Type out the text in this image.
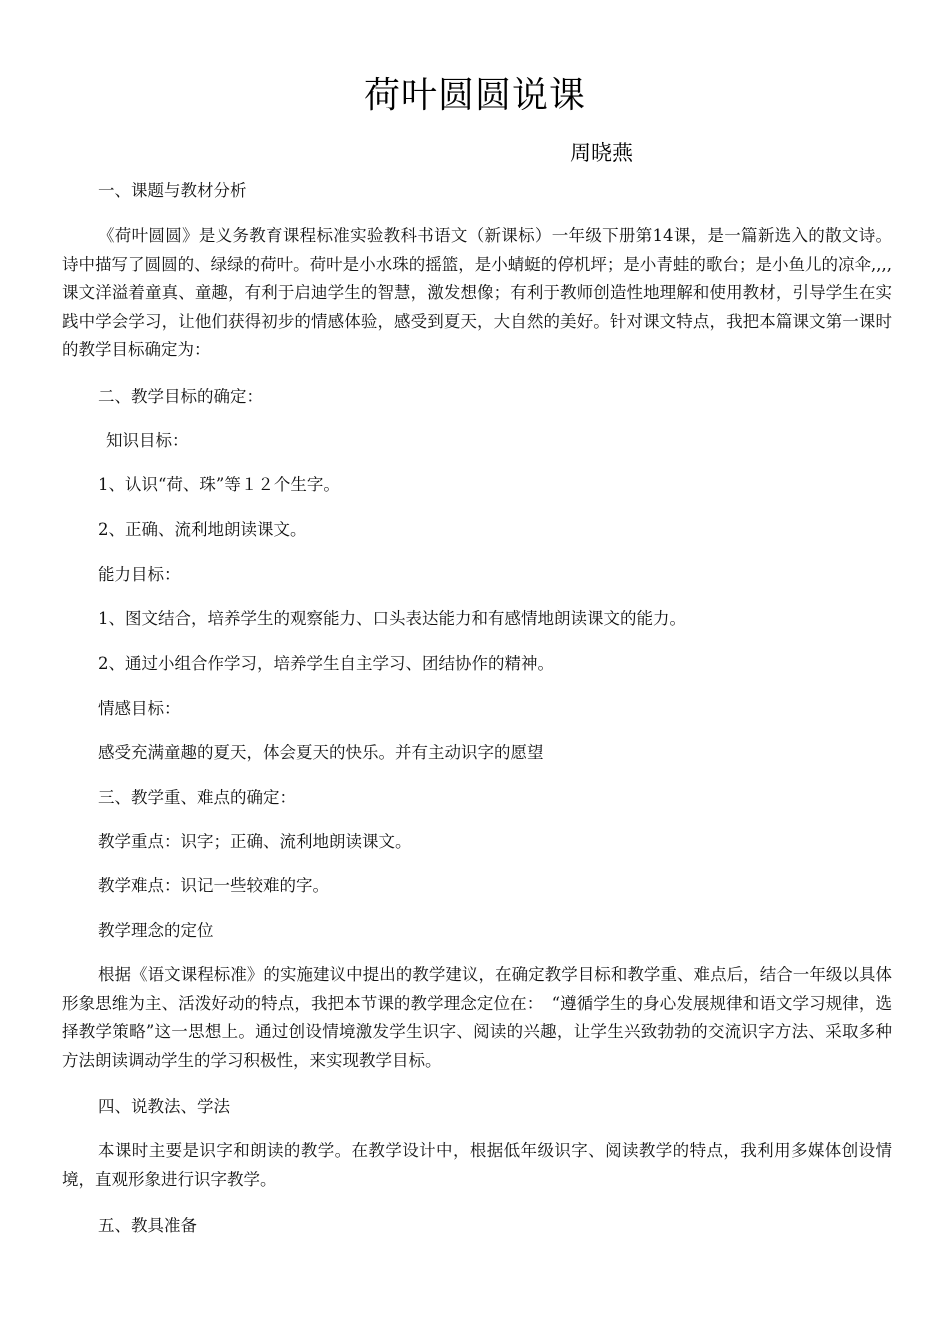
荷叶圆圆说课
周晓燕
一、课题与教材分析
《荷叶圆圆》是义务教育课程标准实验教科书语文（新课标）一年级下册第14课，是一篇新选入的散文诗。诗中描写了圆圆的、绿绿的荷叶。荷叶是小水珠的摇篮，是小蜻蜓的停机坪；是小青蛙的歌台；是小鱼儿的凉伞,,,,课文洋溢着童真、童趣，有利于启迪学生的智慧，激发想像；有利于教师创造性地理解和使用教材，引导学生在实践中学会学习，让他们获得初步的情感体验，感受到夏天，大自然的美好。针对课文特点，我把本篇课文第一课时的教学目标确定为：
二、教学目标的确定：
知识目标：
1、认识“荷、珠”等１２个生字。
2、正确、流利地朗读课文。
能力目标：
1、图文结合，培养学生的观察能力、口头表达能力和有感情地朗读课文的能力。
2、通过小组合作学习，培养学生自主学习、团结协作的精神。
情感目标：
感受充满童趣的夏天，体会夏天的快乐。并有主动识字的愿望
三、教学重、难点的确定：
教学重点：识字；正确、流利地朗读课文。
教学难点：识记一些较难的字。
教学理念的定位
根据《语文课程标准》的实施建议中提出的教学建议，在确定教学目标和教学重、难点后，结合一年级以具体形象思维为主、活泼好动的特点，我把本节课的教学理念定位在：　“遵循学生的身心发展规律和语文学习规律，选择教学策略”这一思想上。通过创设情境激发学生识字、阅读的兴趣，让学生兴致勃勃的交流识字方法、采取多种方法朗读调动学生的学习积极性，来实现教学目标。
四、说教法、学法
本课时主要是识字和朗读的教学。在教学设计中，根据低年级识字、阅读教学的特点，我利用多媒体创设情境，直观形象进行识字教学。
五、教具准备
